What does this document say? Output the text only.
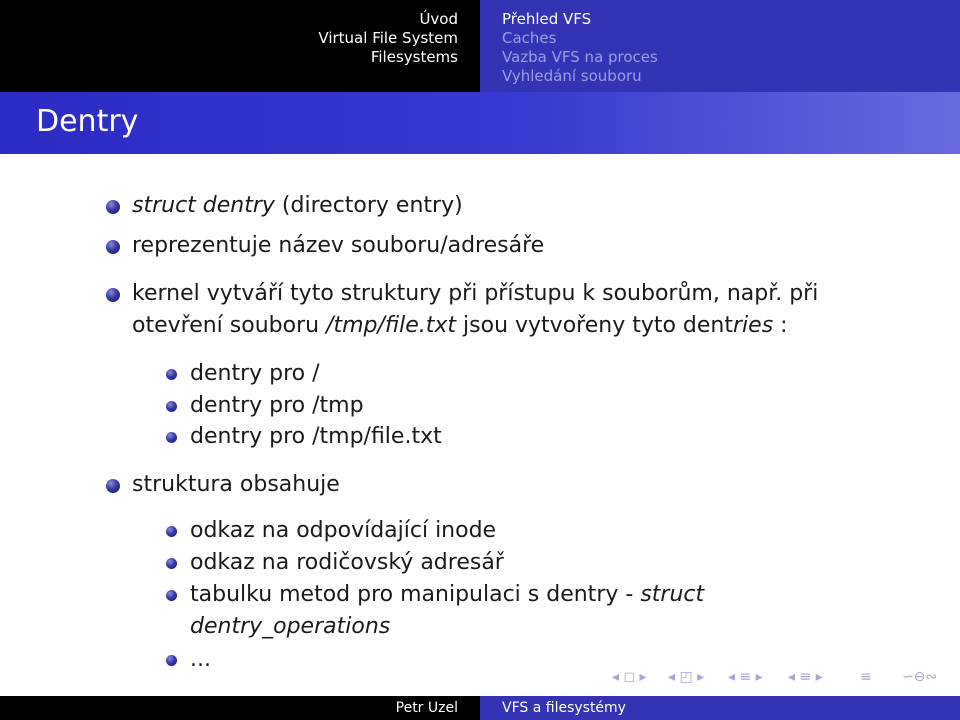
Úvod
Virtual File System
Filesystems
Přehled VFS
Caches
Vazba VFS na proces
Vyhledání souboru
Dentry
struct dentry (directory entry)
reprezentuje název souboru/adresáře
kernel vytváří tyto struktury při přístupu k souborům, např. při
otevření souboru /tmp/file.txt jsou vytvořeny tyto dentries :
dentry pro /
dentry pro /tmp
dentry pro /tmp/file.txt
struktura obsahuje
odkaz na odpovídající inode
odkaz na rodičovský adresář
tabulku metod pro manipulaci s dentry - struct
dentry_operations
...
◂ ◻ ▸ ◂ ◰ ▸ ◂ ≡ ▸ ◂ ≡ ▸	≡ ∽⁠⊖⁠∾
Petr Uzel	VFS a filesystémy
